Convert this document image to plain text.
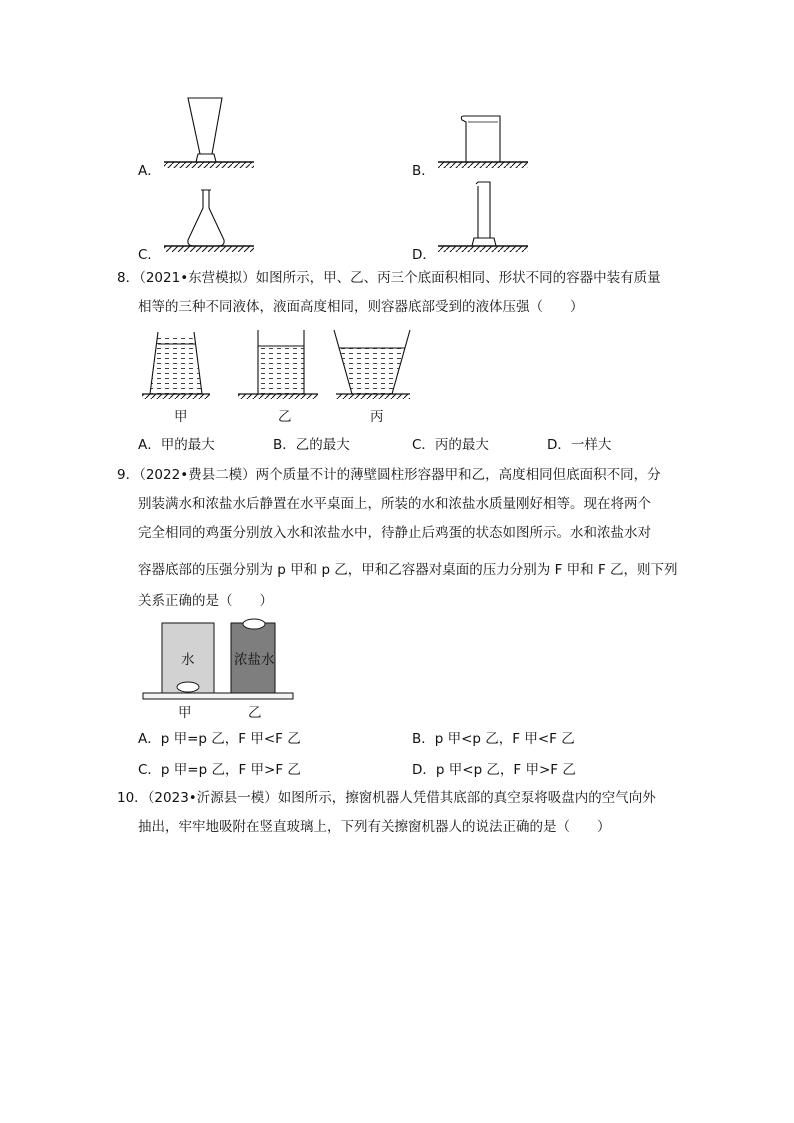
A．	B．
C．	D．
8．（2021•东营模拟）如图所示，甲、乙、丙三个底面积相同、形状不同的容器中装有质量
相等的三种不同液体，液面高度相同，则容器底部受到的液体压强（　　）
甲	乙	丙
A．甲的最大	B．乙的最大	C．丙的最大	D．一样大
9．（2022•费县二模）两个质量不计的薄壁圆柱形容器甲和乙，高度相同但底面积不同，分
别装满水和浓盐水后静置在水平桌面上，所装的水和浓盐水质量刚好相等。现在将两个
完全相同的鸡蛋分别放入水和浓盐水中，待静止后鸡蛋的状态如图所示。水和浓盐水对
容器底部的压强分别为 p 甲和 p 乙，甲和乙容器对桌面的压力分别为 F 甲和 F 乙，则下列
关系正确的是（　　）
水	浓盐水
甲	乙
A．p 甲=p 乙，F 甲<F 乙	B．p 甲<p 乙，F 甲<F 乙
C．p 甲=p 乙，F 甲>F 乙	D．p 甲<p 乙，F 甲>F 乙
10．（2023•沂源县一模）如图所示，擦窗机器人凭借其底部的真空泵将吸盘内的空气向外
抽出，牢牢地吸附在竖直玻璃上，下列有关擦窗机器人的说法正确的是（　　）
